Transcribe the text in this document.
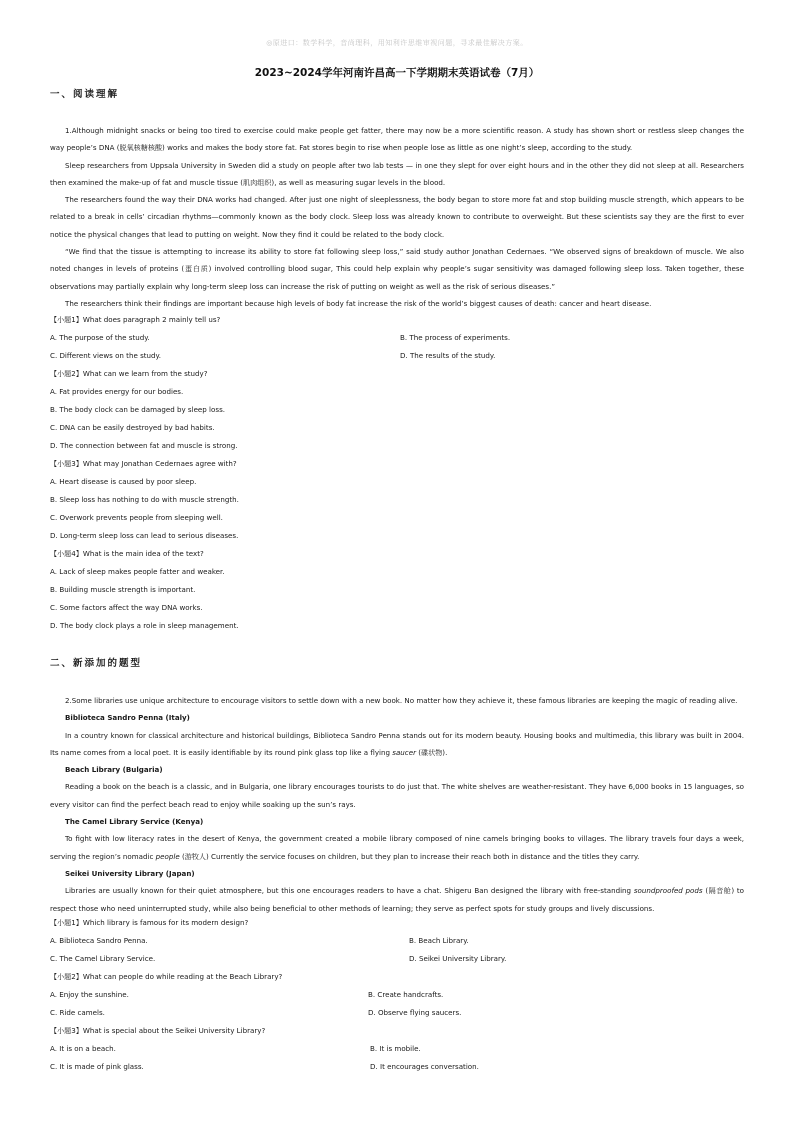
◎原进口：数学科学，音尚理科，用知利许思维审视问题，寻求最佳解决方案。
2023~2024学年河南许昌高一下学期期末英语试卷（7月）
一、阅读理解

1.Although midnight snacks or being too tired to exercise could make people get fatter, there may now be a more scientific reason. A study has shown short or restless sleep changes the way people’s DNA (脱氧核糖核酸) works and makes the body store fat. Fat stores begin to rise when people lose as little as one night’s sleep, according to the study.

Sleep researchers from Uppsala University in Sweden did a study on people after two lab tests — in one they slept for over eight hours and in the other they did not sleep at all. Researchers then examined the make-up of fat and muscle tissue (肌肉组织), as well as measuring sugar levels in the blood.

The researchers found the way their DNA works had changed. After just one night of sleeplessness, the body began to store more fat and stop building muscle strength, which appears to be related to a break in cells’ circadian rhythms—commonly known as the body clock. Sleep loss was already known to contribute to overweight. But these scientists say they are the first to ever notice the physical changes that lead to putting on weight. Now they find it could be related to the body clock.

“We find that the tissue is attempting to increase its ability to store fat following sleep loss,” said study author Jonathan Cedernaes. “We observed signs of breakdown of muscle. We also noted changes in levels of proteins (蛋白质) involved controlling blood sugar, This could help explain why people’s sugar sensitivity was damaged following sleep loss. Taken together, these observations may partially explain why long-term sleep loss can increase the risk of putting on weight as well as the risk of serious diseases.”

The researchers think their findings are important because high levels of body fat increase the risk of the world’s biggest causes of death: cancer and heart disease.

【小题1】What does paragraph 2 mainly tell us?
A. The purpose of the study.	B. The process of experiments.
C. Different views on the study.	D. The results of the study.
【小题2】What can we learn from the study?
A. Fat provides energy for our bodies.
B. The body clock can be damaged by sleep loss.
C. DNA can be easily destroyed by bad habits.
D. The connection between fat and muscle is strong.
【小题3】What may Jonathan Cedernaes agree with?
A. Heart disease is caused by poor sleep.
B. Sleep loss has nothing to do with muscle strength.
C. Overwork prevents people from sleeping well.
D. Long-term sleep loss can lead to serious diseases.
【小题4】What is the main idea of the text?
A. Lack of sleep makes people fatter and weaker.
B. Building muscle strength is important.
C. Some factors affect the way DNA works.
D. The body clock plays a role in sleep management.
二、新添加的题型

2.Some libraries use unique architecture to encourage visitors to settle down with a new book. No matter how they achieve it, these famous libraries are keeping the magic of reading alive.

Biblioteca Sandro Penna (Italy)

In a country known for classical architecture and historical buildings, Biblioteca Sandro Penna stands out for its modern beauty. Housing books and multimedia, this library was built in 2004. Its name comes from a local poet. It is easily identifiable by its round pink glass top like a flying saucer (碟状物).

Beach Library (Bulgaria)

Reading a book on the beach is a classic, and in Bulgaria, one library encourages tourists to do just that. The white shelves are weather-resistant. They have 6,000 books in 15 languages, so every visitor can find the perfect beach read to enjoy while soaking up the sun’s rays.

The Camel Library Service (Kenya)

To fight with low literacy rates in the desert of Kenya, the government created a mobile library composed of nine camels bringing books to villages. The library travels four days a week, serving the region’s nomadic people (游牧人) Currently the service focuses on children, but they plan to increase their reach both in distance and the titles they carry.

Seikei University Library (Japan)

Libraries are usually known for their quiet atmosphere, but this one encourages readers to have a chat. Shigeru Ban designed the library with free-standing soundproofed pods (隔音舱) to respect those who need uninterrupted study, while also being beneficial to other methods of learning; they serve as perfect spots for study groups and lively discussions.

【小题1】Which library is famous for its modern design?
A. Biblioteca Sandro Penna.	B. Beach Library.
C. The Camel Library Service.	D. Seikei University Library.
【小题2】What can people do while reading at the Beach Library?
A. Enjoy the sunshine.	B. Create handcrafts.
C. Ride camels.	D. Observe flying saucers.
【小题3】What is special about the Seikei University Library?
A. It is on a beach.	B. It is mobile.
C. It is made of pink glass.	D. It encourages conversation.
